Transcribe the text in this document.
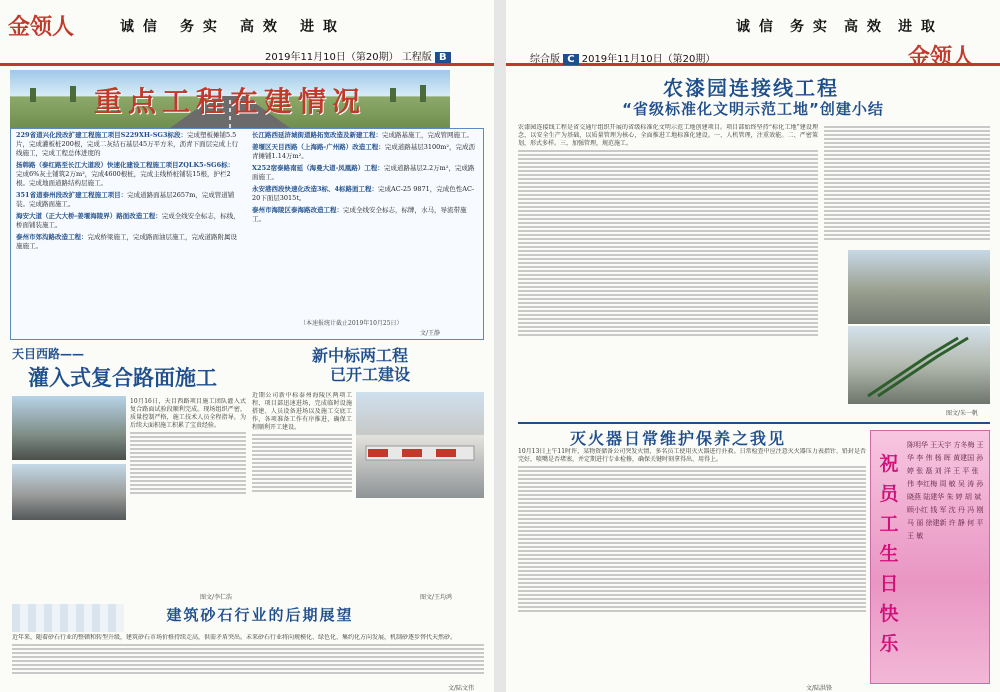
金领人	诚 信 务 实 高 效 进 取
2019年11月10日（第20期） 工程版 B
重点工程在建情况
229省道兴化段改扩建工程施工项目S229XH-SG3标段：完成塑板摊铺5.5片，完成灌板桩200根，完成二灰结石基层45万平方米，沥青下面层完成上行线施工，完成工程总体进度的
扬韩路（泰红路至长江大道段）快速化建设工程施工项目ZQLK5-SG6标：完成6%灰土铺筑2万m²，完成4600根桩，完成主线桥桩铺装15根，护栏2根。完成地面道路结构层施工。
351省道泰州段改扩建工程施工项目：完成道路面基层2657m，完成管道铺装。完成路面施工。
海安大道（正大大桥-姜堰海陵界）路面改造工程：完成全线安全标志，标线，桥面铺装施工。
泰州市郊沟路改造工程：完成桥梁施工，完成路面油层施工，完成道路附属设施施工。
长江路西延浒城街道路拓宽改造及新建工程：完成路基施工，完成管网施工。
姜堰区天目西路（上海路-广州路）改造工程：完成道路基层3100m²，完成沥青摊铺1.14万m²。
X252宿泰路南延（海曼大道-凤凰路）工程：完成道路基层2.2万m²，完成路面施工。
永安港西段快速化改造3标、4标路面工程：完成AC-25 9871，完成色性AC-20下面层3015t。
泰州市海陵区泰海路改造工程：完成全线安全标志，标牌，水马，导流带施工。
（本速报统计截止2019年10月25日）
文/王静
天目西路——
灌入式复合路面施工
10月16日，天目西路项目施工团队灌入式复合路面试验段顺利完成。现场组织严密，质量控制严格，施工技术人员全程指导，为后续大面积施工积累了宝贵经验。
图文/李仁浩
新中标两工程
已开工建设
近期公司新中标泰州海陵区两项工程，项目部迅速进场，完成临时设施搭建、人员设备进场以及施工交底工作，各项准备工作有序推进，确保工程顺利开工建设。
图文/王均鸿
建筑砂石行业的后期展望
近年来，随着砂石行业的整顿和转型升级，建筑砂石市场价格持续走高，供需矛盾突出。未来砂石行业将向规模化、绿色化、集约化方向发展，机制砂逐步替代天然砂。
文/陆文伟
综合版 C 2019年11月10日（第20期）
诚 信 务 实 高 效 进 取
金领人
农漆园连接线工程
“省级标准化文明示范工地”创建小结
农漆园连接线工程是省交通厅组织开展的省级标准化文明示范工地创建项目。项目部始终坚持“标化工地”建设理念，以安全生产为基础，以质量管理为核心，全面推进工地标准化建设。一、人机管理，注重效能。二、严密策划，形式多样。三、加强管理，规范施工。
图文/朱一帆
灭火器日常维护保养之我见
10月13日上午11时许，某物资储备公司突发火情，多名员工使用灭火器进行扑救。日常检查中应注意灭火器压力表指针、铅封是否完好，喷嘴是否堵塞，并定期进行专业检修，确保关键时刻拿得出、用得上。
文/陆洪锋
祝员工生日快乐
陈明华 王天宇 方冬梅 王华 李 伟 杨 晖 黄建国 孙 婷 张 磊 刘 洋 王 平 张 伟 李红梅 周 敏 吴 涛 孙晓燕 陆建华 朱 婷 胡 斌 顾小红 钱 军 沈 丹 冯 刚 马 丽 徐建新 许 静 何 平 王 敏
